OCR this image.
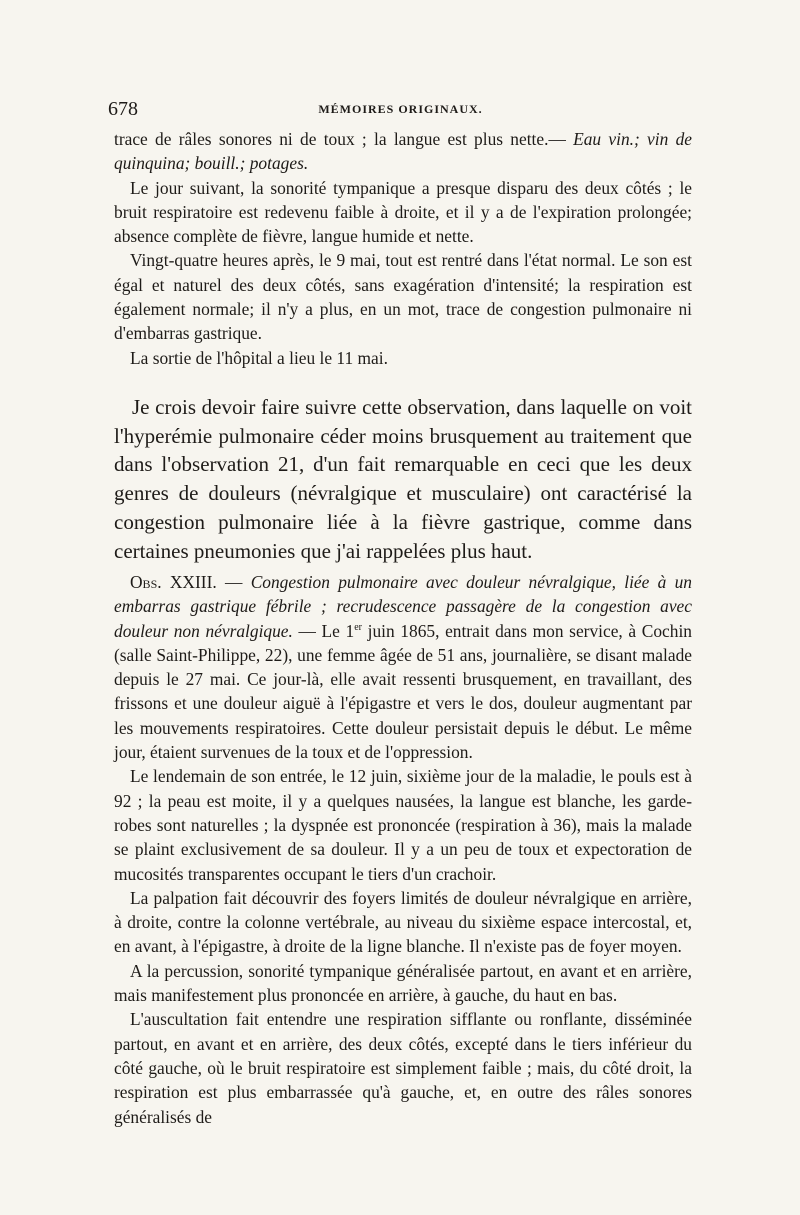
678	MÉMOIRES ORIGINAUX.

trace de râles sonores ni de toux ; la langue est plus nette.— Eau vin.; vin de quinquina; bouill.; potages.

Le jour suivant, la sonorité tympanique a presque disparu des deux côtés ; le bruit respiratoire est redevenu faible à droite, et il y a de l'expiration prolongée; absence complète de fièvre, langue humide et nette.

Vingt-quatre heures après, le 9 mai, tout est rentré dans l'état normal. Le son est égal et naturel des deux côtés, sans exagération d'intensité; la respiration est également normale; il n'y a plus, en un mot, trace de congestion pulmonaire ni d'embarras gastrique.

La sortie de l'hôpital a lieu le 11 mai.

Je crois devoir faire suivre cette observation, dans laquelle on voit l'hyperémie pulmonaire céder moins brusquement au traitement que dans l'observation 21, d'un fait remarquable en ceci que les deux genres de douleurs (névralgique et musculaire) ont caractérisé la congestion pulmonaire liée à la fièvre gastrique, comme dans certaines pneumonies que j'ai rappelées plus haut.

Obs. XXIII. — Congestion pulmonaire avec douleur névralgique, liée à un embarras gastrique fébrile ; recrudescence passagère de la congestion avec douleur non névralgique. — Le 1er juin 1865, entrait dans mon service, à Cochin (salle Saint-Philippe, 22), une femme âgée de 51 ans, journalière, se disant malade depuis le 27 mai. Ce jour-là, elle avait ressenti brusquement, en travaillant, des frissons et une douleur aiguë à l'épigastre et vers le dos, douleur augmentant par les mouvements respiratoires. Cette douleur persistait depuis le début. Le même jour, étaient survenues de la toux et de l'oppression.

Le lendemain de son entrée, le 12 juin, sixième jour de la maladie, le pouls est à 92 ; la peau est moite, il y a quelques nausées, la langue est blanche, les garde-robes sont naturelles ; la dyspnée est prononcée (respiration à 36), mais la malade se plaint exclusivement de sa douleur. Il y a un peu de toux et expectoration de mucosités transparentes occupant le tiers d'un crachoir.

La palpation fait découvrir des foyers limités de douleur névralgique en arrière, à droite, contre la colonne vertébrale, au niveau du sixième espace intercostal, et, en avant, à l'épigastre, à droite de la ligne blanche. Il n'existe pas de foyer moyen.

A la percussion, sonorité tympanique généralisée partout, en avant et en arrière, mais manifestement plus prononcée en arrière, à gauche, du haut en bas.

L'auscultation fait entendre une respiration sifflante ou ronflante, disséminée partout, en avant et en arrière, des deux côtés, excepté dans le tiers inférieur du côté gauche, où le bruit respiratoire est simplement faible ; mais, du côté droit, la respiration est plus embarrassée qu'à gauche, et, en outre des râles sonores généralisés de
